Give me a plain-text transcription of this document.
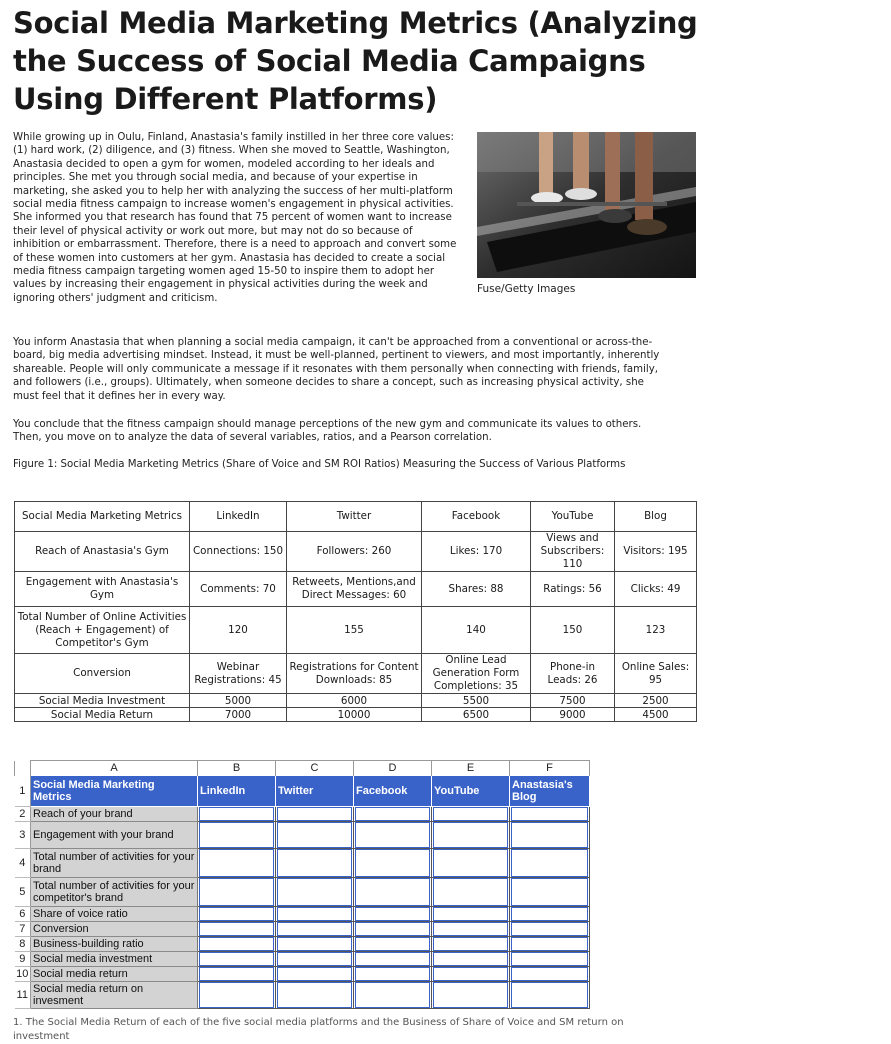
Social Media Marketing Metrics (Analyzing the Success of Social Media Campaigns Using Different Platforms)

While growing up in Oulu, Finland, Anastasia's family instilled in her three core values: (1) hard work, (2) diligence, and (3) fitness. When she moved to Seattle, Washington, Anastasia decided to open a gym for women, modeled according to her ideals and principles. She met you through social media, and because of your expertise in marketing, she asked you to help her with analyzing the success of her multi-platform social media fitness campaign to increase women's engagement in physical activities. She informed you that research has found that 75 percent of women want to increase their level of physical activity or work out more, but may not do so because of inhibition or embarrassment. Therefore, there is a need to approach and convert some of these women into customers at her gym. Anastasia has decided to create a social media fitness campaign targeting women aged 15-50 to inspire them to adopt her values by increasing their engagement in physical activities during the week and ignoring others' judgment and criticism.

Fuse/Getty Images

You inform Anastasia that when planning a social media campaign, it can't be approached from a conventional or across-the-board, big media advertising mindset. Instead, it must be well-planned, pertinent to viewers, and most importantly, inherently shareable. People will only communicate a message if it resonates with them personally when connecting with friends, family, and followers (i.e., groups). Ultimately, when someone decides to share a concept, such as increasing physical activity, she must feel that it defines her in every way.

You conclude that the fitness campaign should manage perceptions of the new gym and communicate its values to others. Then, you move on to analyze the data of several variables, ratios, and a Pearson correlation.

Figure 1: Social Media Marketing Metrics (Share of Voice and SM ROI Ratios) Measuring the Success of Various Platforms

Social Media Marketing Metrics	LinkedIn	Twitter	Facebook	YouTube	Blog
Reach of Anastasia's Gym	Connections: 150	Followers: 260	Likes: 170	Views and Subscribers: 110	Visitors: 195
Engagement with Anastasia's Gym	Comments: 70	Retweets, Mentions,and Direct Messages: 60	Shares: 88	Ratings: 56	Clicks: 49
Total Number of Online Activities (Reach + Engagement) of Competitor's Gym	120	155	140	150	123
Conversion	Webinar Registrations: 45	Registrations for Content Downloads: 85	Online Lead Generation Form Completions: 35	Phone-in Leads: 26	Online Sales: 95
Social Media Investment	5000	6000	5500	7500	2500
Social Media Return	7000	10000	6500	9000	4500
	A	B	C	D	E	F
1	Social Media Marketing Metrics	LinkedIn	Twitter	Facebook	YouTube	Anastasia's Blog
2	Reach of your brand	

3	Engagement with your brand	

4	Total number of activities for your brand	

5	Total number of activities for your competitor's brand	

6	Share of voice ratio	

7	Conversion	

8	Business-building ratio	

9	Social media investment	

10	Social media return	

11	Social media return on invesment	

1. The Social Media Return of each of the five social media platforms and the Business of Share of Voice and SM return on investment
